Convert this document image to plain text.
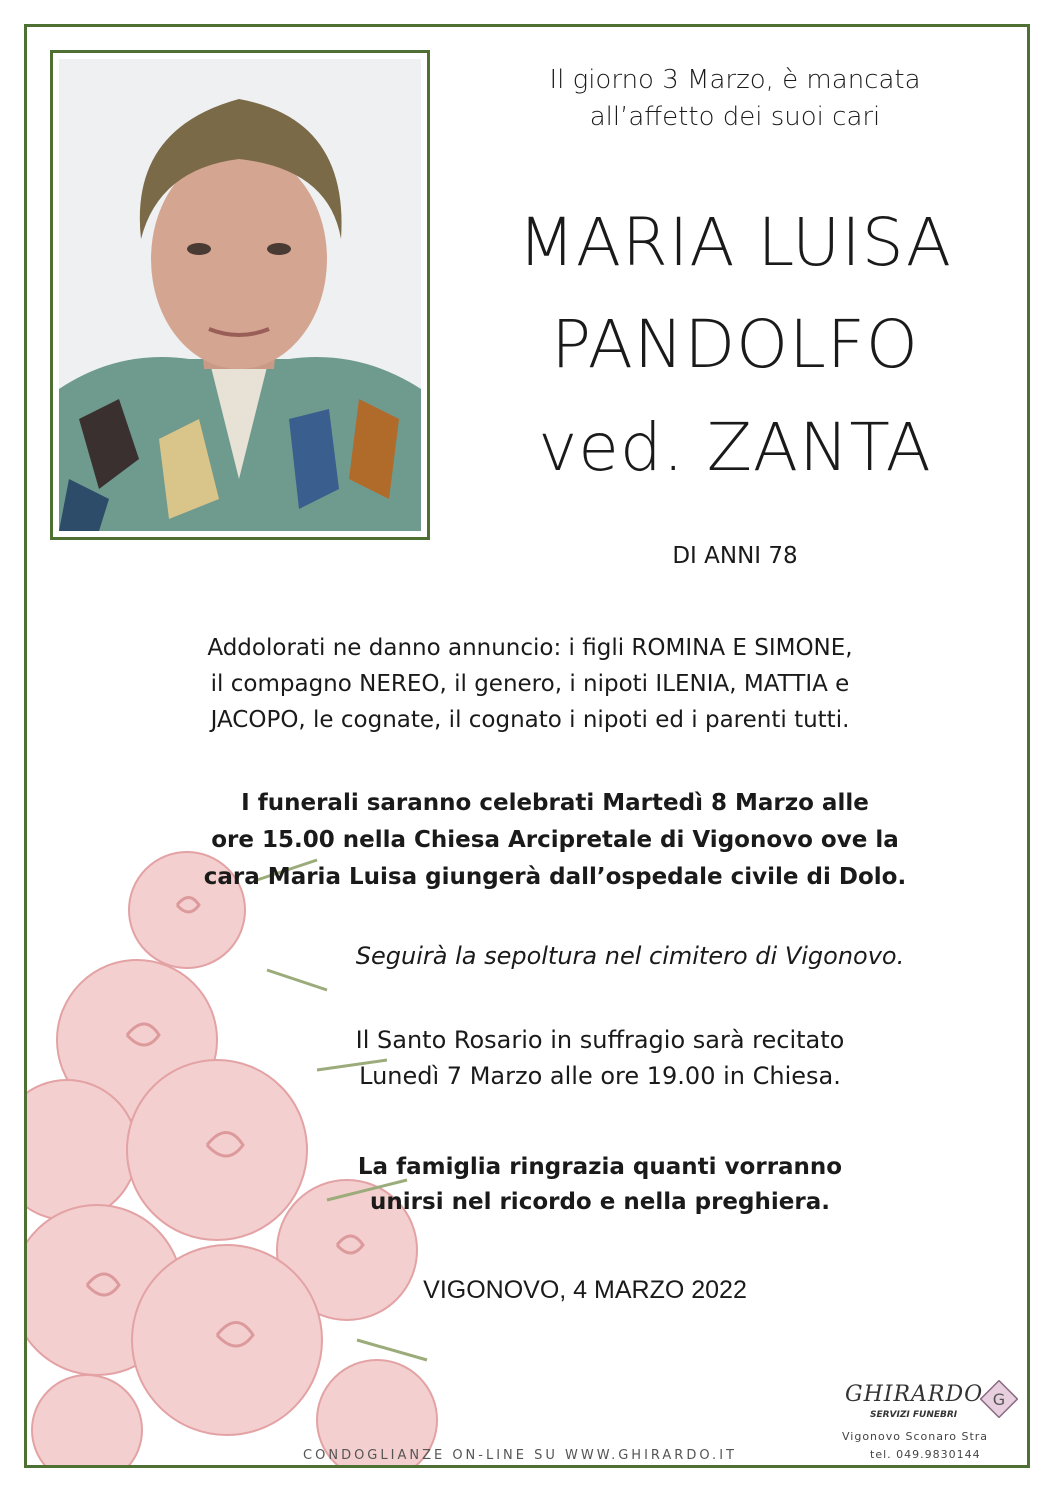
Il giorno 3 Marzo, è mancata
all’affetto dei suoi cari
MARIA LUISA
PANDOLFO
ved. ZANTA
DI ANNI 78
Addolorati ne danno annuncio: i figli ROMINA E SIMONE,
il compagno NEREO, il genero, i nipoti ILENIA, MATTIA e
JACOPO, le cognate, il cognato i nipoti ed i parenti tutti.
I funerali saranno celebrati Martedì 8 Marzo alle
ore 15.00 nella Chiesa Arcipretale di Vigonovo ove la
cara Maria Luisa giungerà dall’ospedale civile di Dolo.
Seguirà la sepoltura nel cimitero di Vigonovo.
Il Santo Rosario in suffragio sarà recitato
Lunedì 7 Marzo alle ore 19.00 in Chiesa.
La famiglia ringrazia quanti vorranno
unirsi nel ricordo e nella preghiera.
VIGONOVO, 4 MARZO 2022
CONDOGLIANZE ON-LINE SU WWW.GHIRARDO.IT
GHIRARDO
SERVIZI FUNEBRI
G
Vigonovo Sconaro Stra
tel. 049.9830144
